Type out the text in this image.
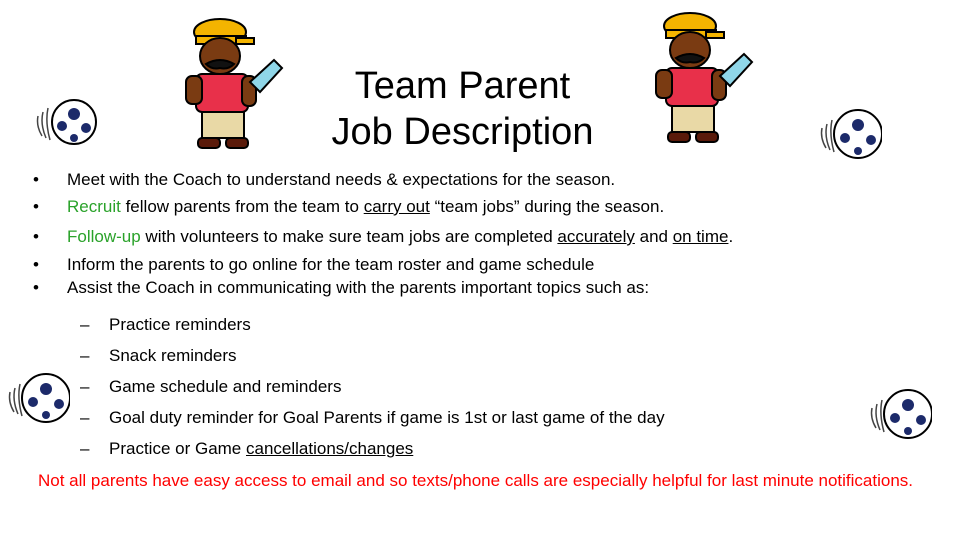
Team Parent
Job Description
• Meet with the Coach to understand needs & expectations for the season.
• Recruit fellow parents from the team to carry out “team jobs” during the season.
• Follow-up with volunteers to make sure team jobs are completed accurately and on time.
• Inform the parents to go online for the team roster and game schedule
• Assist the Coach in communicating with the parents important topics such as:
– Practice reminders
– Snack reminders
– Game schedule and reminders
– Goal duty reminder for Goal Parents if game is 1st or last game of the day
– Practice or Game cancellations/changes

Not all parents have easy access to email and so texts/phone calls are especially helpful for last minute notifications.
